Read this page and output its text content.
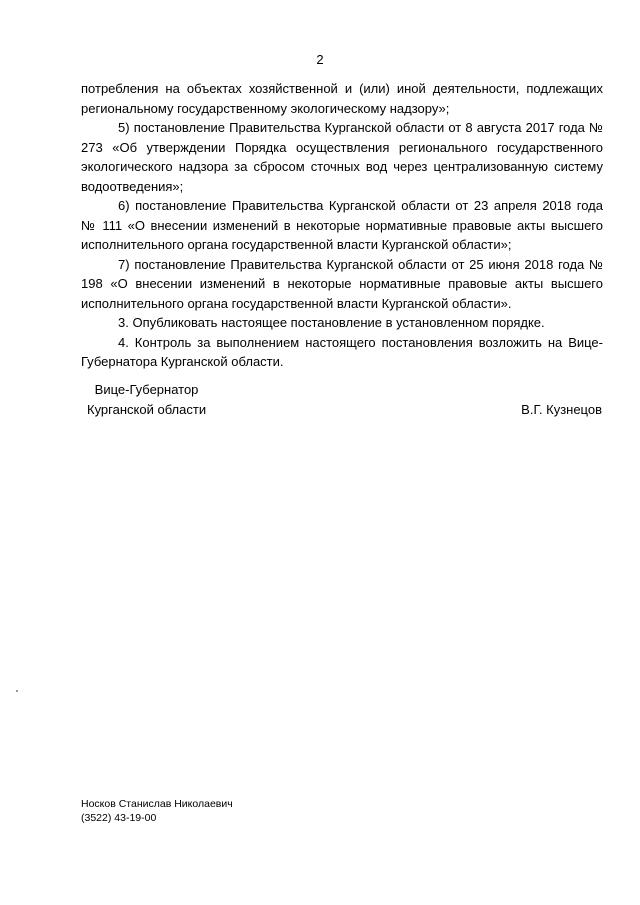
2

потребления на объектах хозяйственной и (или) иной деятельности, подлежащих региональному государственному экологическому надзору»;

5) постановление Правительства Курганской области от 8 августа 2017 года № 273 «Об утверждении Порядка осуществления регионального государственного экологического надзора за сбросом сточных вод через централизованную систему водоотведения»;

6) постановление Правительства Курганской области от 23 апреля 2018 года № 111 «О внесении изменений в некоторые нормативные правовые акты высшего исполнительного органа государственной власти Курганской области»;

7) постановление Правительства Курганской области от 25 июня 2018 года № 198 «О внесении изменений в некоторые нормативные правовые акты высшего исполнительного органа государственной власти Курганской области».

3. Опубликовать настоящее постановление в установленном порядке.

4. Контроль за выполнением настоящего постановления возложить на Вице-Губернатора Курганской области.

Вице-Губернатор
Курганской области	В.Г. Кузнецов
Носков Станислав Николаевич
(3522) 43-19-00
